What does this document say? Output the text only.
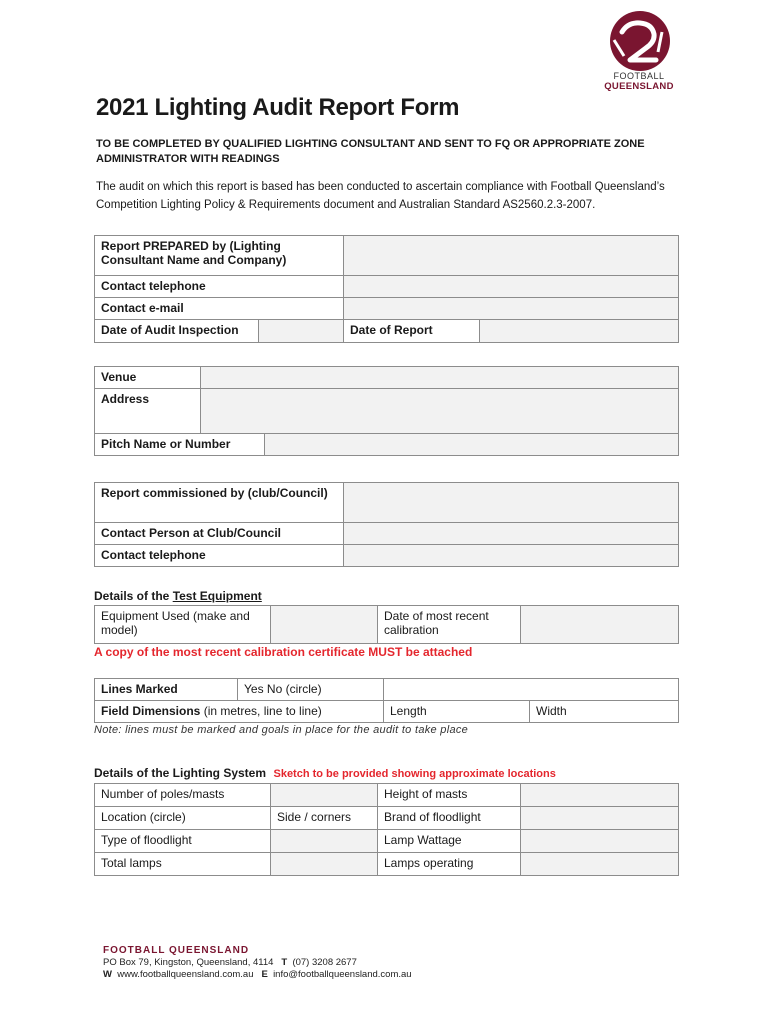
FOOTBALL
QUEENSLAND
2021 Lighting Audit Report Form
TO BE COMPLETED BY QUALIFIED LIGHTING CONSULTANT AND SENT TO FQ OR APPROPRIATE ZONE ADMINISTRATOR WITH READINGS
The audit on which this report is based has been conducted to ascertain compliance with Football Queensland’s Competition Lighting Policy & Requirements document and Australian Standard AS2560.2.3-2007.
Report PREPARED by (Lighting Consultant Name and Company)			
Contact telephone			
Contact e-mail			
Date of Audit Inspection		Date of Report	
Venue		
Address		
Pitch Name or Number		
Report commissioned by (club/Council)	
Contact Person at Club/Council	
Contact telephone	
Details of the Test Equipment
Equipment Used (make and model)		Date of most recent calibration	
A copy of the most recent calibration certificate MUST be attached
Lines Marked	Yes No (circle)		
Field Dimensions (in metres, line to line)		Length	Width
Note: lines must be marked and goals in place for the audit to take place
Details of the Lighting System Sketch to be provided showing approximate locations
Number of poles/masts		Height of masts	
Location (circle)	Side / corners	Brand of floodlight	
Type of floodlight		Lamp Wattage	
Total lamps		Lamps operating	
FOOTBALL QUEENSLAND
PO Box 79, Kingston, Queensland, 4114 T (07) 3208 2677
W www.footballqueensland.com.au E info@footballqueensland.com.au
